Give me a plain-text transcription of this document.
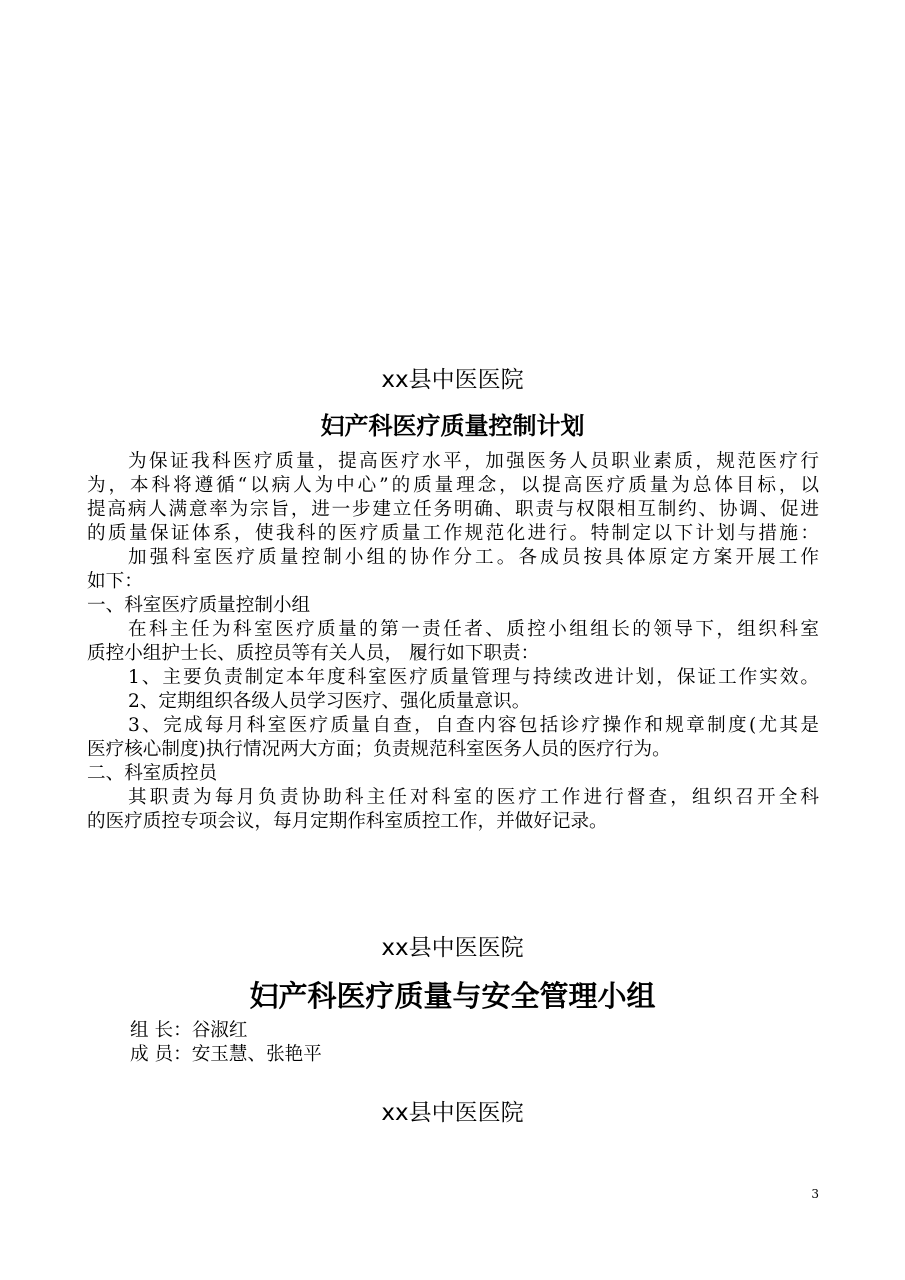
xx县中医医院
妇产科医疗质量控制计划
为保证我科医疗质量，提高医疗水平，加强医务人员职业素质，规范医疗行
为，本科将遵循“以病人为中心”的质量理念，以提高医疗质量为总体目标，以
提高病人满意率为宗旨，进一步建立任务明确、职责与权限相互制约、协调、促进
的质量保证体系，使我科的医疗质量工作规范化进行。特制定以下计划与措施：
加强科室医疗质量控制小组的协作分工。各成员按具体原定方案开展工作
如下：
一、科室医疗质量控制小组
在科主任为科室医疗质量的第一责任者、质控小组组长的领导下，组织科室
质控小组护士长、质控员等有关人员， 履行如下职责：
1、主要负责制定本年度科室医疗质量管理与持续改进计划，保证工作实效。
2、定期组织各级人员学习医疗、强化质量意识。
3、完成每月科室医疗质量自查，自查内容包括诊疗操作和规章制度(尤其是
医疗核心制度)执行情况两大方面；负责规范科室医务人员的医疗行为。
二、科室质控员
其职责为每月负责协助科主任对科室的医疗工作进行督查，组织召开全科
的医疗质控专项会议，每月定期作科室质控工作，并做好记录。
xx县中医医院
妇产科医疗质量与安全管理小组
组 长：谷淑红
成 员：安玉慧、张艳平
xx县中医医院
3
